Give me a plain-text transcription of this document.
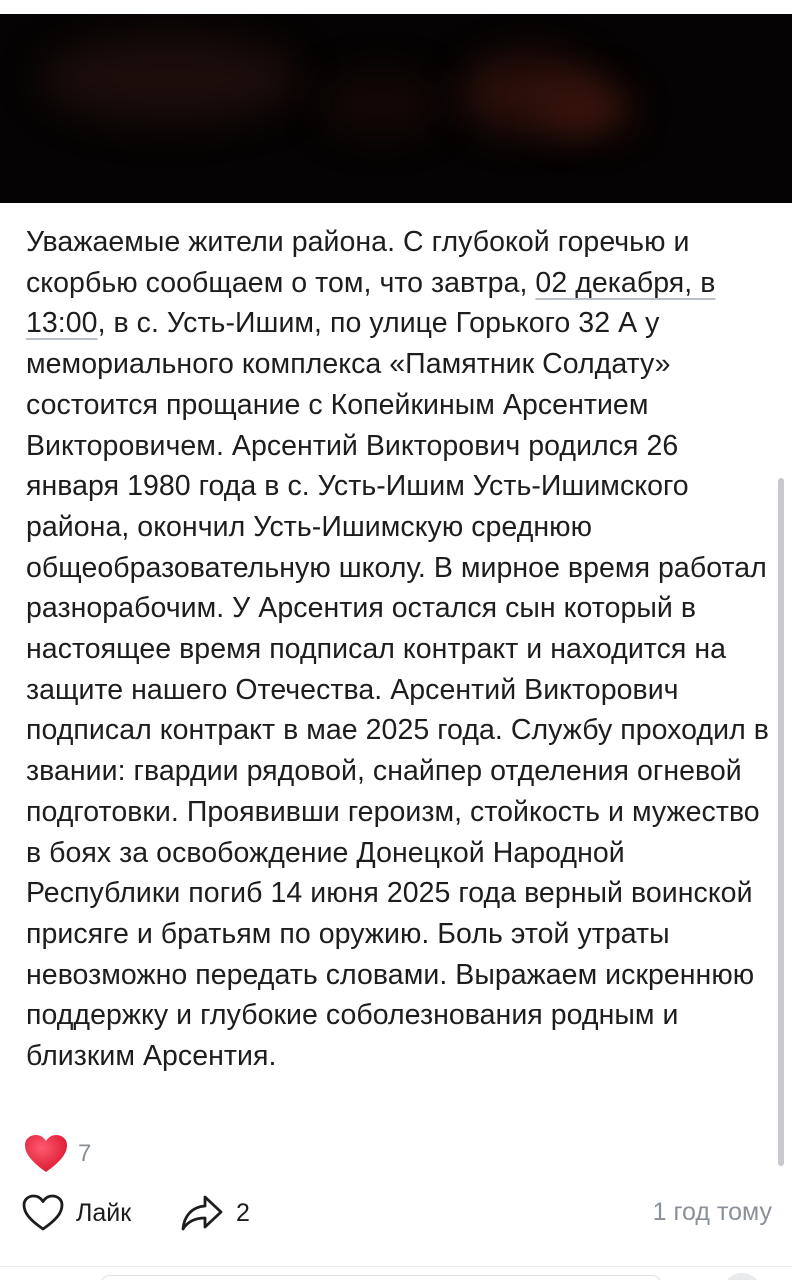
Уважаемые жители района. С глубокой горечью и скорбью сообщаем о том, что завтра, 02 декабря, в 13:00, в с. Усть-Ишим, по улице Горького 32 А у мемориального комплекса «Памятник Солдату» состоится прощание с Копейкиным Арсентием Викторовичем. Арсентий Викторович родился 26 января 1980 года в с. Усть-Ишим Усть-Ишимского района, окончил Усть-Ишимскую среднюю общеобразовательную школу. В мирное время работал разнорабочим. У Арсентия остался сын который в настоящее время подписал контракт и находится на защите нашего Отечества. Арсентий Викторович подписал контракт в мае 2025 года. Службу проходил в звании: гвардии рядовой, снайпер отделения огневой подготовки. Проявивши героизм, стойкость и мужество в боях за освобождение Донецкой Народной Республики погиб 14 июня 2025 года верный воинской присяге и братьям по оружию. Боль этой утраты невозможно передать словами. Выражаем искреннюю поддержку и глубокие соболезнования родным и близким Арсентия.

7
Лайк	2	1 год тому
